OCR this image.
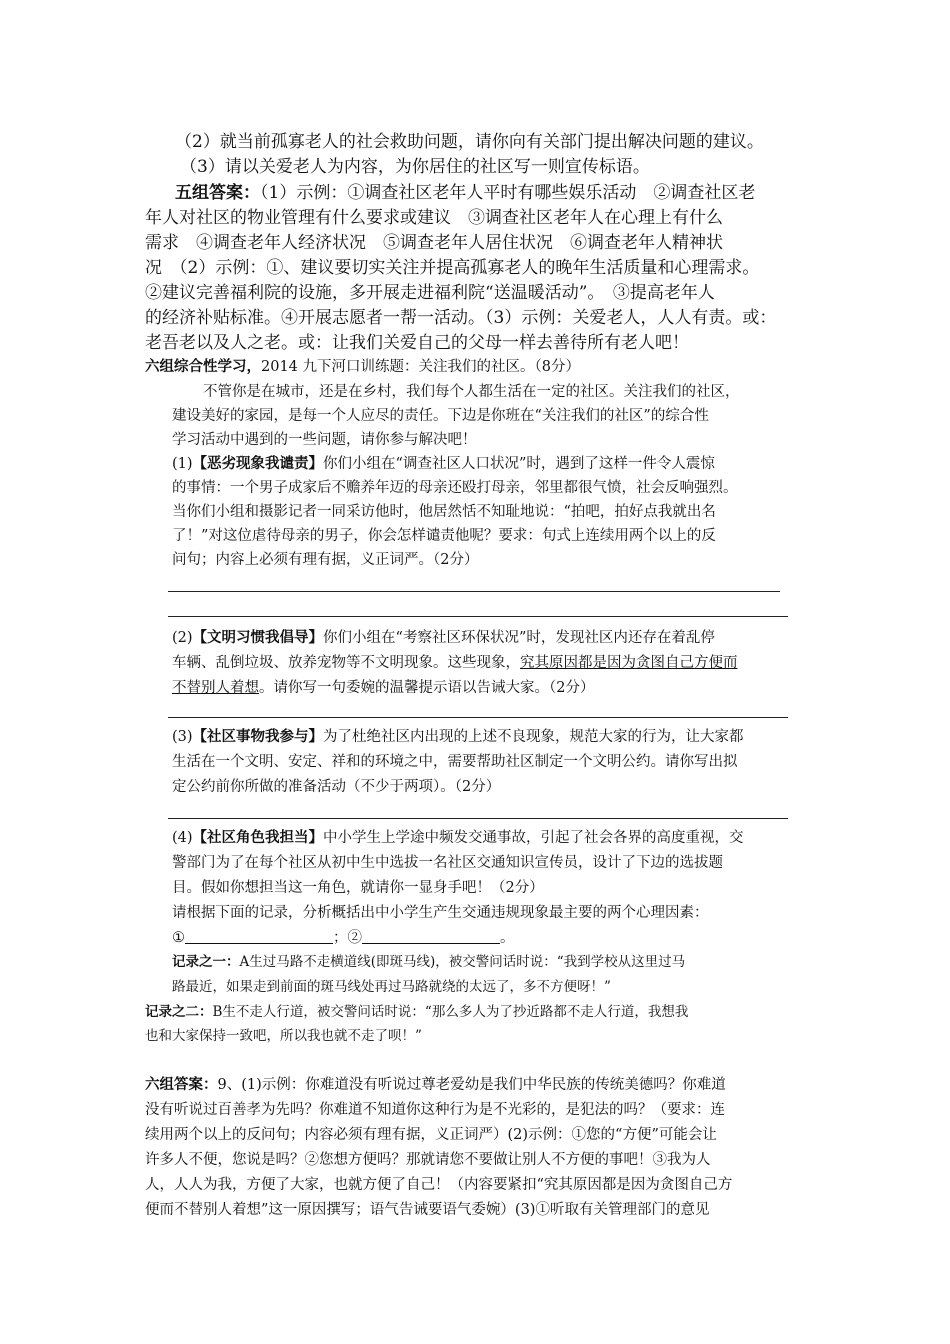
（2）就当前孤寡老人的社会救助问题，请你向有关部门提出解决问题的建议。

（3）请以关爱老人为内容，为你居住的社区写一则宣传标语。

五组答案：（1）示例：①调查社区老年人平时有哪些娱乐活动　②调查社区老

年人对社区的物业管理有什么要求或建议　③调查社区老年人在心理上有什么

需求　④调查老年人经济状况　⑤调查老年人居住状况　⑥调查老年人精神状

况　（2）示例：①、建议要切实关注并提高孤寡老人的晚年生活质量和心理需求。

②建议完善福利院的设施，多开展走进福利院“送温暖活动”。　③提高老年人

的经济补贴标准。④开展志愿者一帮一活动。（3）示例：关爱老人，人人有责。或：

老吾老以及人之老。或：让我们关爱自己的父母一样去善待所有老人吧！

六组综合性学习，2014 九下河口训练题：关注我们的社区。（8分）

不管你是在城市，还是在乡村，我们每个人都生活在一定的社区。关注我们的社区，

建设美好的家园，是每一个人应尽的责任。下边是你班在“关注我们的社区”的综合性

学习活动中遇到的一些问题，请你参与解决吧！

(1)【恶劣现象我谴责】你们小组在“调查社区人口状况”时，遇到了这样一件令人震惊

的事情：一个男子成家后不赡养年迈的母亲还殴打母亲，邻里都很气愤，社会反响强烈。

当你们小组和摄影记者一同采访他时，他居然恬不知耻地说：“拍吧，拍好点我就出名

了！”对这位虐待母亲的男子，你会怎样谴责他呢？要求：句式上连续用两个以上的反

问句；内容上必须有理有据，义正词严。（2分）

(2)【文明习惯我倡导】你们小组在“考察社区环保状况”时，发现社区内还存在着乱停

车辆、乱倒垃圾、放养宠物等不文明现象。这些现象，究其原因都是因为贪图自己方便而

不替别人着想。请你写一句委婉的温馨提示语以告诫大家。（2分）

(3)【社区事物我参与】为了杜绝社区内出现的上述不良现象，规范大家的行为，让大家都

生活在一个文明、安定、祥和的环境之中，需要帮助社区制定一个文明公约。请你写出拟

定公约前你所做的准备活动（不少于两项）。（2分）

(4)【社区角色我担当】中小学生上学途中频发交通事故，引起了社会各界的高度重视，交

警部门为了在每个社区从初中生中选拔一名社区交通知识宣传员，设计了下边的选拔题

目。假如你想担当这一角色，就请你一显身手吧！（2分）

请根据下面的记录，分析概括出中小学生产生交通违规现象最主要的两个心理因素：

①	；②	。

记录之一：A生过马路不走横道线(即斑马线)，被交警问话时说：“我到学校从这里过马

路最近，如果走到前面的斑马线处再过马路就绕的太远了，多不方便呀！”

记录之二：B生不走人行道，被交警问话时说：“那么多人为了抄近路都不走人行道，我想我

也和大家保持一致吧，所以我也就不走了呗！”

六组答案：9、(1)示例：你难道没有听说过尊老爱幼是我们中华民族的传统美德吗？你难道

没有听说过百善孝为先吗？你难道不知道你这种行为是不光彩的，是犯法的吗？（要求：连

续用两个以上的反问句；内容必须有理有据，义正词严）(2)示例：①您的“方便”可能会让

许多人不便，您说是吗？②您想方便吗？那就请您不要做让别人不方便的事吧！③我为人

人，人人为我，方便了大家，也就方便了自己！（内容要紧扣“究其原因都是因为贪图自己方

便而不替别人着想”这一原因撰写；语气告诫要语气委婉）(3)①听取有关管理部门的意见
